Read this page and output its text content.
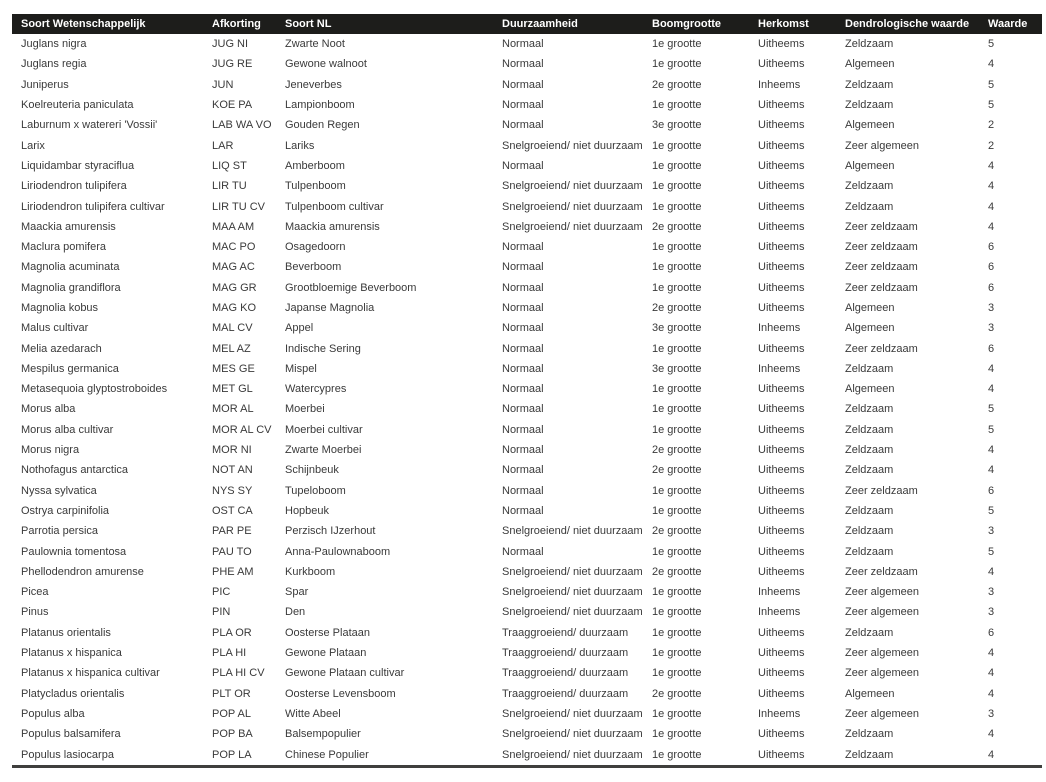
Soort Wetenschappelijk	Afkorting	Soort NL	Duurzaamheid	Boomgrootte	Herkomst	Dendrologische waarde	Waarde
Juglans nigra	JUG NI	Zwarte Noot	Normaal	1e grootte	Uitheems	Zeldzaam	5
Juglans regia	JUG RE	Gewone walnoot	Normaal	1e grootte	Uitheems	Algemeen	4
Juniperus	JUN	Jeneverbes	Normaal	2e grootte	Inheems	Zeldzaam	5
Koelreuteria paniculata	KOE PA	Lampionboom	Normaal	1e grootte	Uitheems	Zeldzaam	5
Laburnum x watereri 'Vossii'	LAB WA VO	Gouden Regen	Normaal	3e grootte	Uitheems	Algemeen	2
Larix	LAR	Lariks	Snelgroeiend/ niet duurzaam	1e grootte	Uitheems	Zeer algemeen	2
Liquidambar styraciflua	LIQ ST	Amberboom	Normaal	1e grootte	Uitheems	Algemeen	4
Liriodendron tulipifera	LIR TU	Tulpenboom	Snelgroeiend/ niet duurzaam	1e grootte	Uitheems	Zeldzaam	4
Liriodendron tulipifera cultivar	LIR TU CV	Tulpenboom cultivar	Snelgroeiend/ niet duurzaam	1e grootte	Uitheems	Zeldzaam	4
Maackia amurensis	MAA AM	Maackia amurensis	Snelgroeiend/ niet duurzaam	2e grootte	Uitheems	Zeer zeldzaam	4
Maclura pomifera	MAC PO	Osagedoorn	Normaal	1e grootte	Uitheems	Zeer zeldzaam	6
Magnolia acuminata	MAG AC	Beverboom	Normaal	1e grootte	Uitheems	Zeer zeldzaam	6
Magnolia grandiflora	MAG GR	Grootbloemige Beverboom	Normaal	1e grootte	Uitheems	Zeer zeldzaam	6
Magnolia kobus	MAG KO	Japanse Magnolia	Normaal	2e grootte	Uitheems	Algemeen	3
Malus cultivar	MAL CV	Appel	Normaal	3e grootte	Inheems	Algemeen	3
Melia azedarach	MEL AZ	Indische Sering	Normaal	1e grootte	Uitheems	Zeer zeldzaam	6
Mespilus germanica	MES GE	Mispel	Normaal	3e grootte	Inheems	Zeldzaam	4
Metasequoia glyptostroboides	MET GL	Watercypres	Normaal	1e grootte	Uitheems	Algemeen	4
Morus alba	MOR AL	Moerbei	Normaal	1e grootte	Uitheems	Zeldzaam	5
Morus alba cultivar	MOR AL CV	Moerbei cultivar	Normaal	1e grootte	Uitheems	Zeldzaam	5
Morus nigra	MOR NI	Zwarte Moerbei	Normaal	2e grootte	Uitheems	Zeldzaam	4
Nothofagus antarctica	NOT AN	Schijnbeuk	Normaal	2e grootte	Uitheems	Zeldzaam	4
Nyssa sylvatica	NYS SY	Tupeloboom	Normaal	1e grootte	Uitheems	Zeer zeldzaam	6
Ostrya carpinifolia	OST CA	Hopbeuk	Normaal	1e grootte	Uitheems	Zeldzaam	5
Parrotia persica	PAR PE	Perzisch IJzerhout	Snelgroeiend/ niet duurzaam	2e grootte	Uitheems	Zeldzaam	3
Paulownia tomentosa	PAU TO	Anna-Paulownaboom	Normaal	1e grootte	Uitheems	Zeldzaam	5
Phellodendron amurense	PHE AM	Kurkboom	Snelgroeiend/ niet duurzaam	2e grootte	Uitheems	Zeer zeldzaam	4
Picea	PIC	Spar	Snelgroeiend/ niet duurzaam	1e grootte	Inheems	Zeer algemeen	3
Pinus	PIN	Den	Snelgroeiend/ niet duurzaam	1e grootte	Inheems	Zeer algemeen	3
Platanus orientalis	PLA OR	Oosterse Plataan	Traaggroeiend/ duurzaam	1e grootte	Uitheems	Zeldzaam	6
Platanus x hispanica	PLA HI	Gewone Plataan	Traaggroeiend/ duurzaam	1e grootte	Uitheems	Zeer algemeen	4
Platanus x hispanica cultivar	PLA HI CV	Gewone Plataan cultivar	Traaggroeiend/ duurzaam	1e grootte	Uitheems	Zeer algemeen	4
Platycladus orientalis	PLT OR	Oosterse Levensboom	Traaggroeiend/ duurzaam	2e grootte	Uitheems	Algemeen	4
Populus alba	POP AL	Witte Abeel	Snelgroeiend/ niet duurzaam	1e grootte	Inheems	Zeer algemeen	3
Populus balsamifera	POP BA	Balsempopulier	Snelgroeiend/ niet duurzaam	1e grootte	Uitheems	Zeldzaam	4
Populus lasiocarpa	POP LA	Chinese Populier	Snelgroeiend/ niet duurzaam	1e grootte	Uitheems	Zeldzaam	4
